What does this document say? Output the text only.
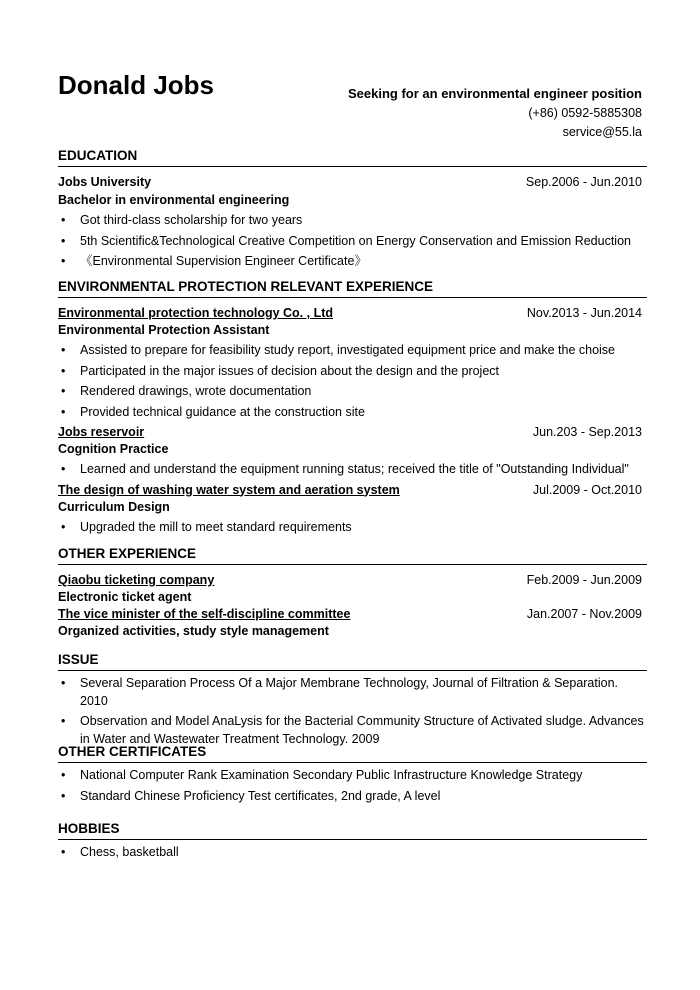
Donald Jobs	Seeking for an environmental engineer position
(+86) 0592-5885308
service@55.la
EDUCATION
Jobs University	Sep.2006 - Jun.2010
Bachelor in environmental engineering
• Got third-class scholarship for two years
• 5th Scientific&Technological Creative Competition on Energy Conservation and Emission Reduction
• 《Environmental Supervision Engineer Certificate》
ENVIRONMENTAL PROTECTION RELEVANT EXPERIENCE
Environmental protection technology Co. , Ltd	Nov.2013 - Jun.2014
Environmental Protection Assistant
• Assisted to prepare for feasibility study report, investigated equipment price and make the choise
• Participated in the major issues of decision about the design and the project
• Rendered drawings, wrote documentation
• Provided technical guidance at the construction site
Jobs reservoir	Jun.203 - Sep.2013
Cognition Practice
• Learned and understand the equipment running status; received the title of "Outstanding Individual"
The design of washing water system and aeration system	Jul.2009 - Oct.2010
Curriculum Design
• Upgraded the mill to meet standard requirements
OTHER EXPERIENCE
Qiaobu ticketing company	Feb.2009 - Jun.2009
Electronic ticket agent
The vice minister of the self-discipline committee	Jan.2007 - Nov.2009
Organized activities, study style management
ISSUE
• Several Separation Process Of a Major Membrane Technology, Journal of Filtration & Separation. 2010
• Observation and Model AnaLysis for the Bacterial Community Structure of Activated sludge. Advances in Water and Wastewater Treatment Technology. 2009
OTHER CERTIFICATES
• National Computer Rank Examination Secondary Public Infrastructure Knowledge Strategy
• Standard Chinese Proficiency Test certificates, 2nd grade, A level
HOBBIES
• Chess, basketball
